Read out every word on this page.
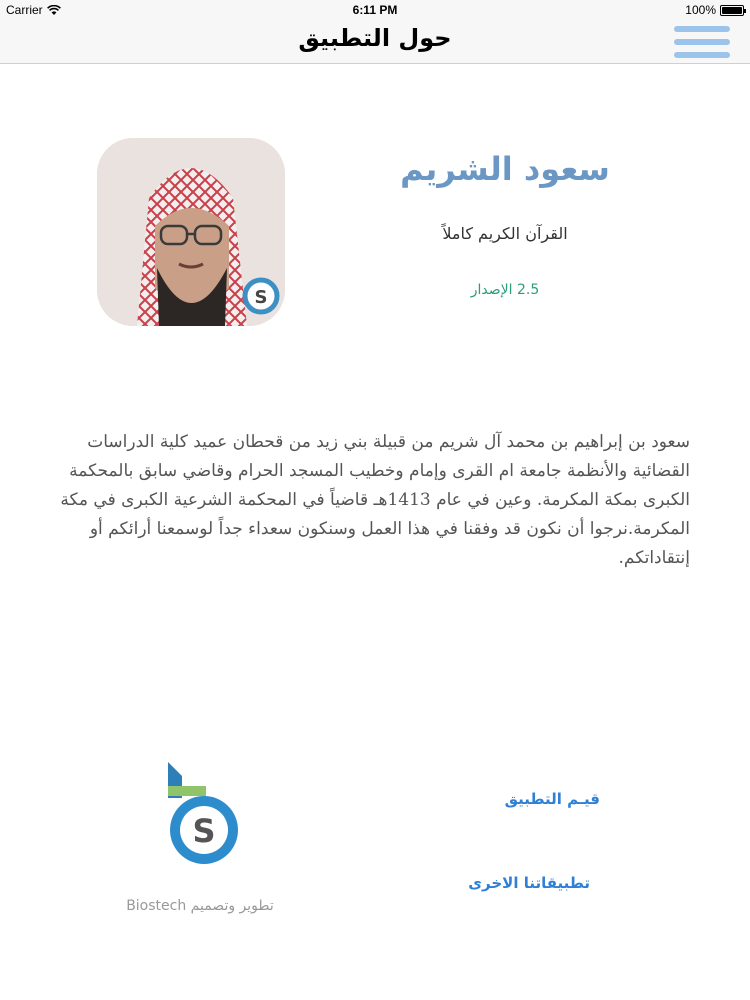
Carrier	6:11 PM	100%
حول التطبيق
S
سعود الشريم
القرآن الكريم كاملاً
2.5 الإصدار
سعود بن إبراهيم بن محمد آل شريم من قبيلة بني زيد من قحطان عميد كلية الدراسات القضائية والأنظمة جامعة ام القرى وإمام وخطيب المسجد الحرام وقاضي سابق بالمحكمة الكبرى بمكة المكرمة. وعين في عام 1413هـ قاضياً في المحكمة الشرعية الكبرى في مكة المكرمة.نرجوا أن نكون قد وفقنا في هذا العمل وسنكون سعداء جداً لوسمعنا أرائكم أو إنتقاداتكم.
S
تطوير وتصميم Biostech
قيـم التطبيق
تطبيقاتنا الاخرى
